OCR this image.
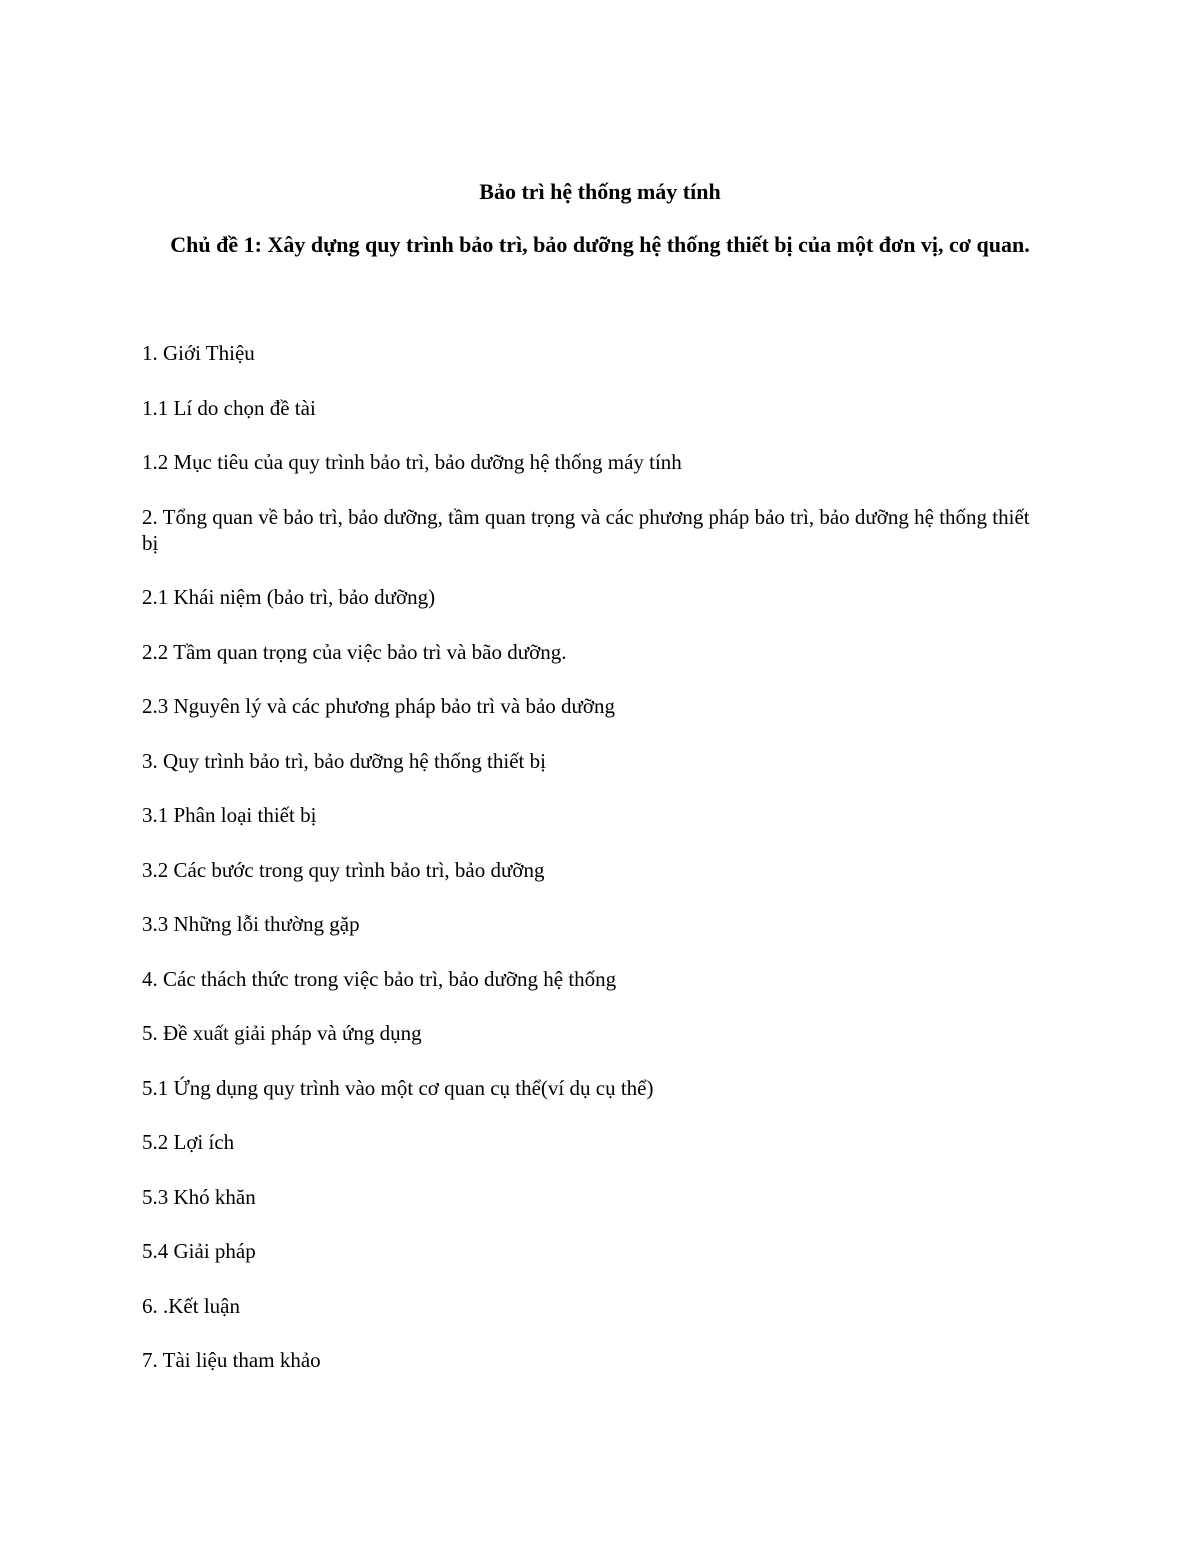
Bảo trì hệ thống máy tính
Chủ đề 1: Xây dựng quy trình bảo trì, bảo dưỡng hệ thống thiết bị của một đơn vị, cơ quan.
1. Giới Thiệu
1.1 Lí do chọn đề tài
1.2 Mục tiêu của quy trình bảo trì, bảo dưỡng hệ thống máy tính
2. Tổng quan về bảo trì, bảo dưỡng, tầm quan trọng và các phương pháp bảo trì, bảo dưỡng hệ thống thiết bị
2.1 Khái niệm (bảo trì, bảo dưỡng)
2.2 Tầm quan trọng của việc bảo trì và bão dưỡng.
2.3 Nguyên lý và các phương pháp bảo trì và bảo dưỡng
3. Quy trình bảo trì, bảo dưỡng hệ thống thiết bị
3.1 Phân loại thiết bị
3.2 Các bước trong quy trình bảo trì, bảo dưỡng
3.3 Những lỗi thường gặp
4. Các thách thức trong việc bảo trì, bảo dưỡng hệ thống
5. Đề xuất giải pháp và ứng dụng
5.1 Ứng dụng quy trình vào một cơ quan cụ thể(ví dụ cụ thể)
5.2 Lợi ích
5.3 Khó khăn
5.4 Giải pháp
6. .Kết luận
7. Tài liệu tham khảo
